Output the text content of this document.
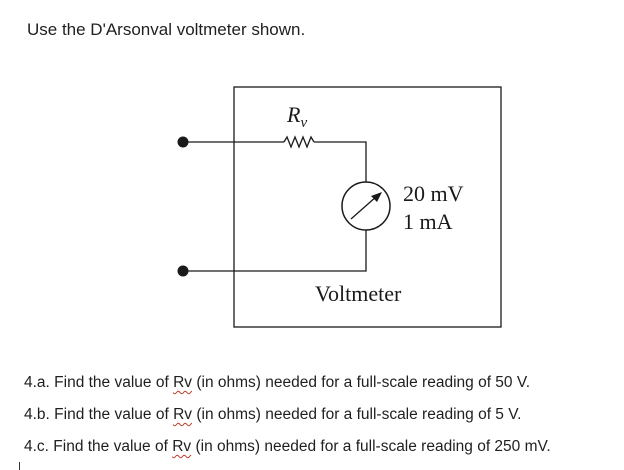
Use the D'Arsonval voltmeter shown.
$R_v$
20 mV
1 mA
Voltmeter
4.a. Find the value of Rv (in ohms) needed for a full-scale reading of 50 V.
4.b. Find the value of Rv (in ohms) needed for a full-scale reading of 5 V.
4.c. Find the value of Rv (in ohms) needed for a full-scale reading of 250 mV.
